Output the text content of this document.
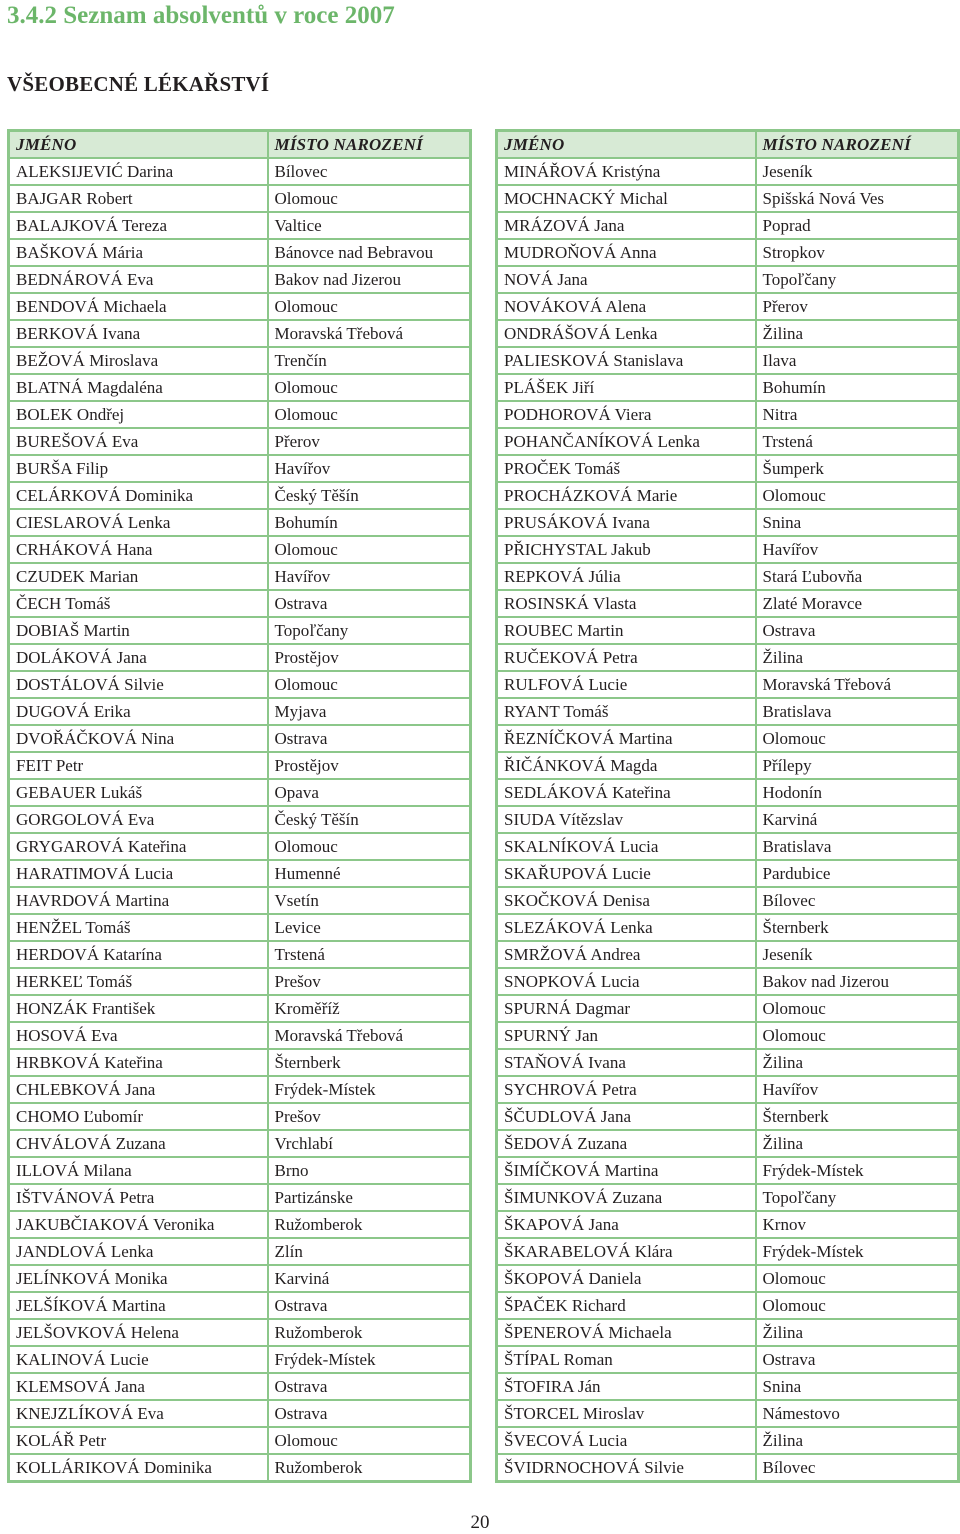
3.4.2 Seznam absolventů v roce 2007
VŠEOBECNÉ LÉKAŘSTVÍ
JMÉNO	MÍSTO NAROZENÍ
ALEKSIJEVIĆ Darina	Bílovec
BAJGAR Robert	Olomouc
BALAJKOVÁ Tereza	Valtice
BAŠKOVÁ Mária	Bánovce nad Bebravou
BEDNÁROVÁ Eva	Bakov nad Jizerou
BENDOVÁ Michaela	Olomouc
BERKOVÁ Ivana	Moravská Třebová
BEŽOVÁ Miroslava	Trenčín
BLATNÁ Magdaléna	Olomouc
BOLEK Ondřej	Olomouc
BUREŠOVÁ Eva	Přerov
BURŠA Filip	Havířov
CELÁRKOVÁ Dominika	Český Těšín
CIESLAROVÁ Lenka	Bohumín
CRHÁKOVÁ Hana	Olomouc
CZUDEK Marian	Havířov
ČECH Tomáš	Ostrava
DOBIAŠ Martin	Topoľčany
DOLÁKOVÁ Jana	Prostějov
DOSTÁLOVÁ Silvie	Olomouc
DUGOVÁ Erika	Myjava
DVOŘÁČKOVÁ Nina	Ostrava
FEIT Petr	Prostějov
GEBAUER Lukáš	Opava
GORGOLOVÁ Eva	Český Těšín
GRYGAROVÁ Kateřina	Olomouc
HARATIMOVÁ Lucia	Humenné
HAVRDOVÁ Martina	Vsetín
HENŽEL Tomáš	Levice
HERDOVÁ Katarína	Trstená
HERKEĽ Tomáš	Prešov
HONZÁK František	Kroměříž
HOSOVÁ Eva	Moravská Třebová
HRBKOVÁ Kateřina	Šternberk
CHLEBKOVÁ Jana	Frýdek-Místek
CHOMO Ľubomír	Prešov
CHVÁLOVÁ Zuzana	Vrchlabí
ILLOVÁ Milana	Brno
IŠTVÁNOVÁ Petra	Partizánske
JAKUBČIAKOVÁ Veronika	Ružomberok
JANDLOVÁ Lenka	Zlín
JELÍNKOVÁ Monika	Karviná
JELŠÍKOVÁ Martina	Ostrava
JELŠOVKOVÁ Helena	Ružomberok
KALINOVÁ Lucie	Frýdek-Místek
KLEMSOVÁ Jana	Ostrava
KNEJZLÍKOVÁ Eva	Ostrava
KOLÁŘ Petr	Olomouc
KOLLÁRIKOVÁ Dominika	Ružomberok
JMÉNO	MÍSTO NAROZENÍ
MINÁŘOVÁ Kristýna	Jeseník
MOCHNACKÝ Michal	Spišská Nová Ves
MRÁZOVÁ Jana	Poprad
MUDROŇOVÁ Anna	Stropkov
NOVÁ Jana	Topoľčany
NOVÁKOVÁ Alena	Přerov
ONDRÁŠOVÁ Lenka	Žilina
PALIESKOVÁ Stanislava	Ilava
PLÁŠEK Jiří	Bohumín
PODHOROVÁ Viera	Nitra
POHANČANÍKOVÁ Lenka	Trstená
PROČEK Tomáš	Šumperk
PROCHÁZKOVÁ Marie	Olomouc
PRUSÁKOVÁ Ivana	Snina
PŘICHYSTAL Jakub	Havířov
REPKOVÁ Júlia	Stará Ľubovňa
ROSINSKÁ Vlasta	Zlaté Moravce
ROUBEC Martin	Ostrava
RUČEKOVÁ Petra	Žilina
RULFOVÁ Lucie	Moravská Třebová
RYANT Tomáš	Bratislava
ŘEZNÍČKOVÁ Martina	Olomouc
ŘIČÁNKOVÁ Magda	Přílepy
SEDLÁKOVÁ Kateřina	Hodonín
SIUDA Vítězslav	Karviná
SKALNÍKOVÁ Lucia	Bratislava
SKAŘUPOVÁ Lucie	Pardubice
SKOČKOVÁ Denisa	Bílovec
SLEZÁKOVÁ Lenka	Šternberk
SMRŽOVÁ Andrea	Jeseník
SNOPKOVÁ Lucia	Bakov nad Jizerou
SPURNÁ Dagmar	Olomouc
SPURNÝ Jan	Olomouc
STAŇOVÁ Ivana	Žilina
SYCHROVÁ Petra	Havířov
ŠČUDLOVÁ Jana	Šternberk
ŠEDOVÁ Zuzana	Žilina
ŠIMÍČKOVÁ Martina	Frýdek-Místek
ŠIMUNKOVÁ Zuzana	Topoľčany
ŠKAPOVÁ Jana	Krnov
ŠKARABELOVÁ Klára	Frýdek-Místek
ŠKOPOVÁ Daniela	Olomouc
ŠPAČEK Richard	Olomouc
ŠPENEROVÁ Michaela	Žilina
ŠTÍPAL Roman	Ostrava
ŠTOFIRA Ján	Snina
ŠTORCEL Miroslav	Námestovo
ŠVECOVÁ Lucia	Žilina
ŠVIDRNOCHOVÁ Silvie	Bílovec
20
